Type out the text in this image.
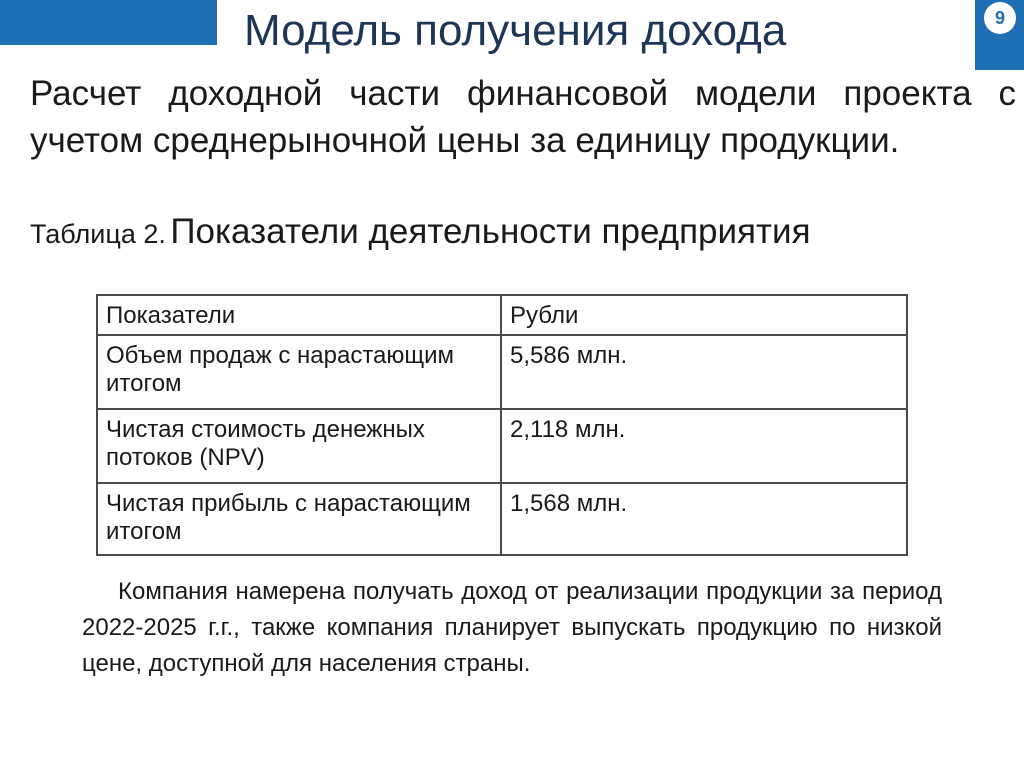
Модель получения дохода	9

Расчет доходной части финансовой модели проекта с учетом среднерыночной цены за единицу продукции.

Таблица 2. Показатели деятельности предприятия

Показатели	Рубли
Объем продаж с нарастающим итогом	5,586 млн.
Чистая стоимость денежных потоков (NPV)	2,118 млн.
Чистая прибыль с нарастающим итогом	1,568 млн.

Компания намерена получать доход от реализации продукции за период 2022-2025 г.г., также компания планирует выпускать продукцию по низкой цене, доступной для населения страны.
